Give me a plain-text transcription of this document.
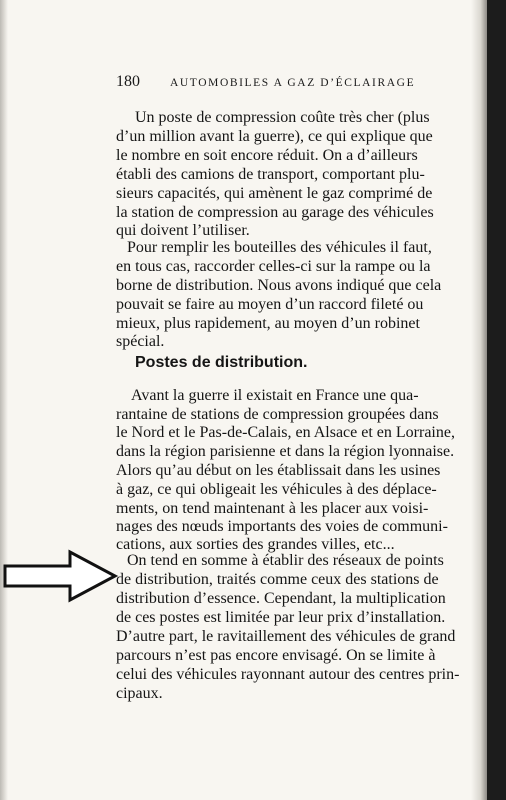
180	AUTOMOBILES A GAZ D’ÉCLAIRAGE
Un poste de compression coûte très cher (plus
d’un million avant la guerre), ce qui explique que
le nombre en soit encore réduit. On a d’ailleurs
établi des camions de transport, comportant plu-
sieurs capacités, qui amènent le gaz comprimé de
la station de compression au garage des véhicules
qui doivent l’utiliser.
Pour remplir les bouteilles des véhicules il faut,
en tous cas, raccorder celles-ci sur la rampe ou la
borne de distribution. Nous avons indiqué que cela
pouvait se faire au moyen d’un raccord fileté ou
mieux, plus rapidement, au moyen d’un robinet
spécial.
Postes de distribution.
Avant la guerre il existait en France une qua-
rantaine de stations de compression groupées dans
le Nord et le Pas-de-Calais, en Alsace et en Lorraine,
dans la région parisienne et dans la région lyonnaise.
Alors qu’au début on les établissait dans les usines
à gaz, ce qui obligeait les véhicules à des déplace-
ments, on tend maintenant à les placer aux voisi-
nages des nœuds importants des voies de communi-
cations, aux sorties des grandes villes, etc...
On tend en somme à établir des réseaux de points
de distribution, traités comme ceux des stations de
distribution d’essence. Cependant, la multiplication
de ces postes est limitée par leur prix d’installation.
D’autre part, le ravitaillement des véhicules de grand
parcours n’est pas encore envisagé. On se limite à
celui des véhicules rayonnant autour des centres prin-
cipaux.
